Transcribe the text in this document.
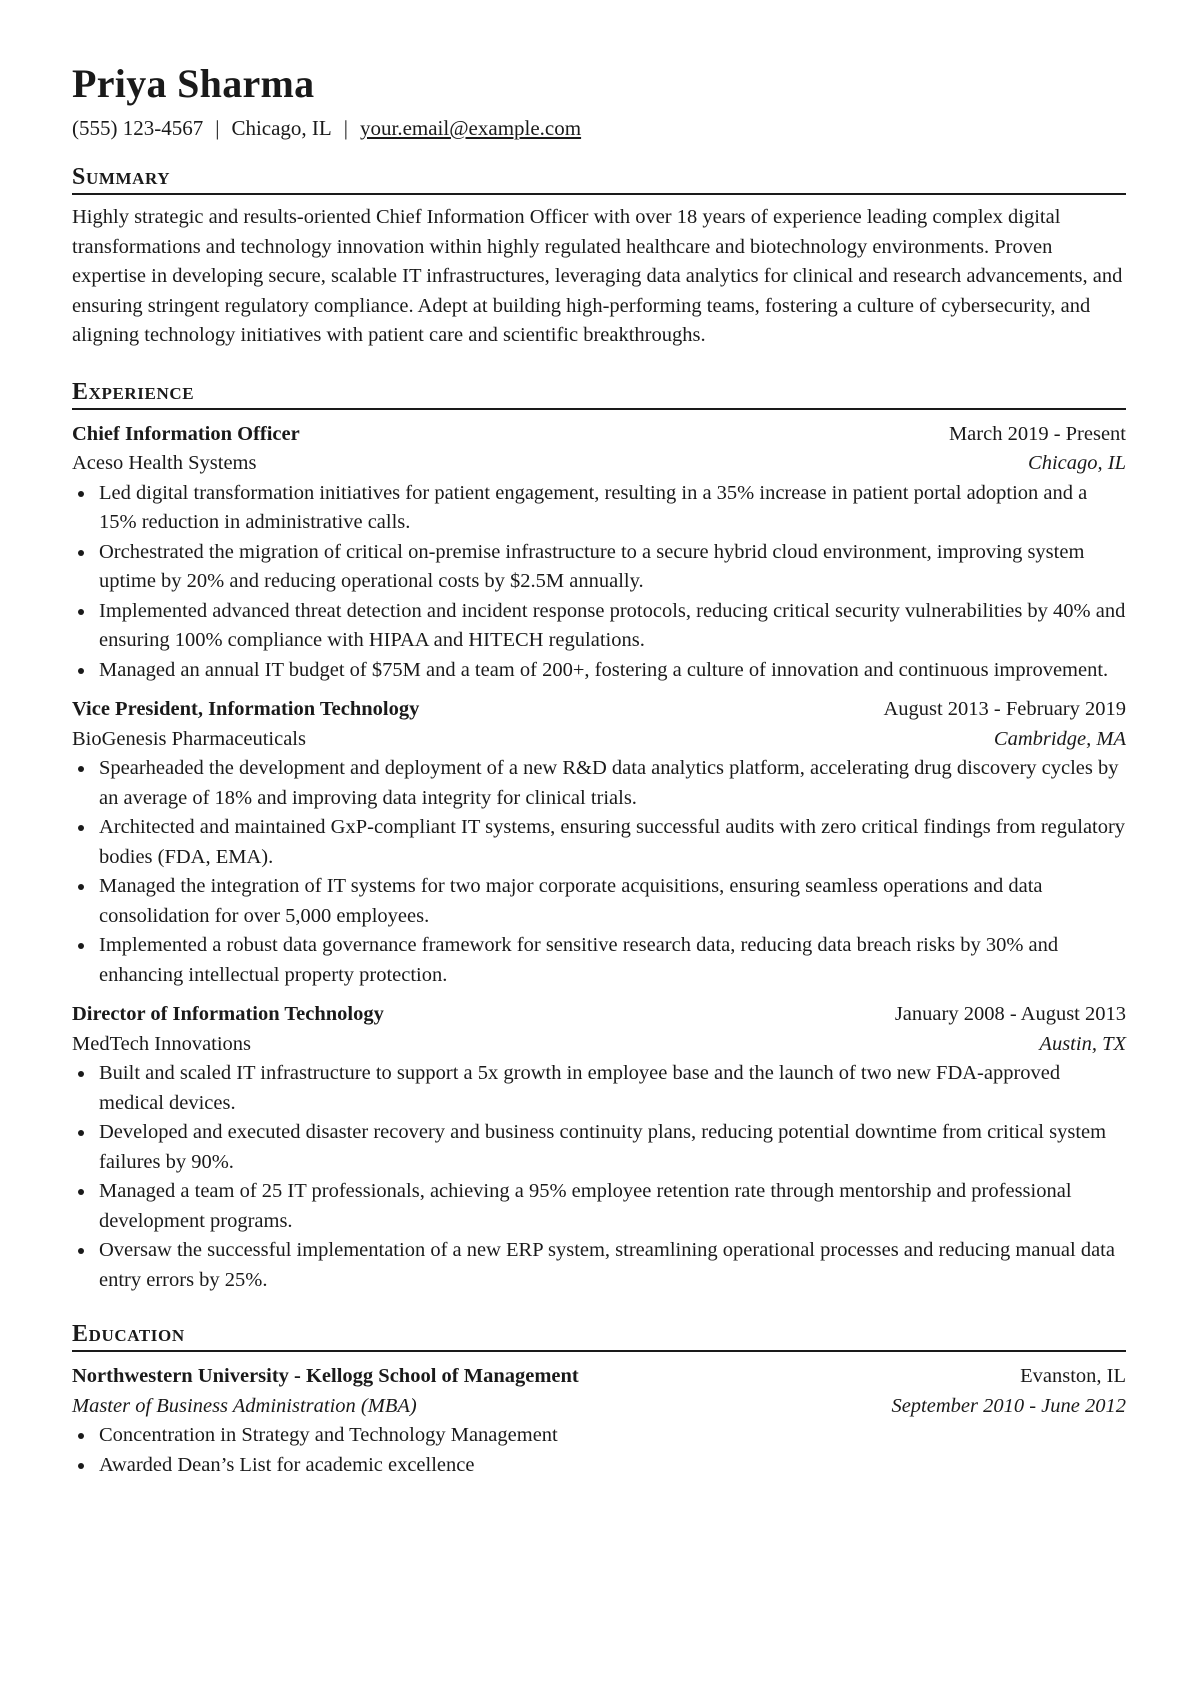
Priya Sharma
(555) 123-4567 | Chicago, IL | your.email@example.com
Summary
Highly strategic and results-oriented Chief Information Officer with over 18 years of experience leading complex digital transformations and technology innovation within highly regulated healthcare and biotechnology environments. Proven expertise in developing secure, scalable IT infrastructures, leveraging data analytics for clinical and research advancements, and ensuring stringent regulatory compliance. Adept at building high-performing teams, fostering a culture of cybersecurity, and aligning technology initiatives with patient care and scientific breakthroughs.
Experience
Chief Information Officer	March 2019 - Present
Aceso Health Systems	Chicago, IL
Led digital transformation initiatives for patient engagement, resulting in a 35% increase in patient portal adoption and a 15% reduction in administrative calls.
Orchestrated the migration of critical on-premise infrastructure to a secure hybrid cloud environment, improving system uptime by 20% and reducing operational costs by $2.5M annually.
Implemented advanced threat detection and incident response protocols, reducing critical security vulnerabilities by 40% and ensuring 100% compliance with HIPAA and HITECH regulations.
Managed an annual IT budget of $75M and a team of 200+, fostering a culture of innovation and continuous improvement.
Vice President, Information Technology	August 2013 - February 2019
BioGenesis Pharmaceuticals	Cambridge, MA
Spearheaded the development and deployment of a new R&D data analytics platform, accelerating drug discovery cycles by an average of 18% and improving data integrity for clinical trials.
Architected and maintained GxP-compliant IT systems, ensuring successful audits with zero critical findings from regulatory bodies (FDA, EMA).
Managed the integration of IT systems for two major corporate acquisitions, ensuring seamless operations and data consolidation for over 5,000 employees.
Implemented a robust data governance framework for sensitive research data, reducing data breach risks by 30% and enhancing intellectual property protection.
Director of Information Technology	January 2008 - August 2013
MedTech Innovations	Austin, TX
Built and scaled IT infrastructure to support a 5x growth in employee base and the launch of two new FDA-approved medical devices.
Developed and executed disaster recovery and business continuity plans, reducing potential downtime from critical system failures by 90%.
Managed a team of 25 IT professionals, achieving a 95% employee retention rate through mentorship and professional development programs.
Oversaw the successful implementation of a new ERP system, streamlining operational processes and reducing manual data entry errors by 25%.
Education
Northwestern University - Kellogg School of Management	Evanston, IL
Master of Business Administration (MBA)	September 2010 - June 2012
Concentration in Strategy and Technology Management
Awarded Dean’s List for academic excellence
